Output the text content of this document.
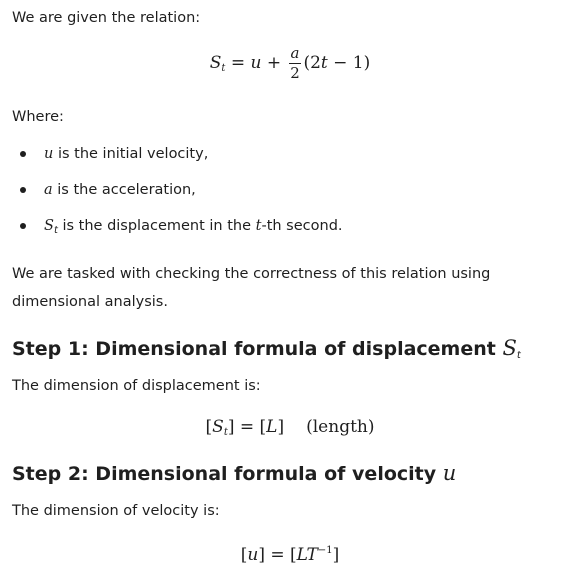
We are given the relation:

$S_t = u + \frac{a}{2} (2t - 1)$

Where:

u is the initial velocity,
a is the acceleration,
$S_t$ is the displacement in the t-th second.

We are tasked with checking the correctness of this relation using dimensional analysis.

Step 1: Dimensional formula of displacement $S_t$

The dimension of displacement is:

$[S_t] = [L]$ (length)
Step 2: Dimensional formula of velocity u

The dimension of velocity is:

$[u] = [LT^{-1}]$
